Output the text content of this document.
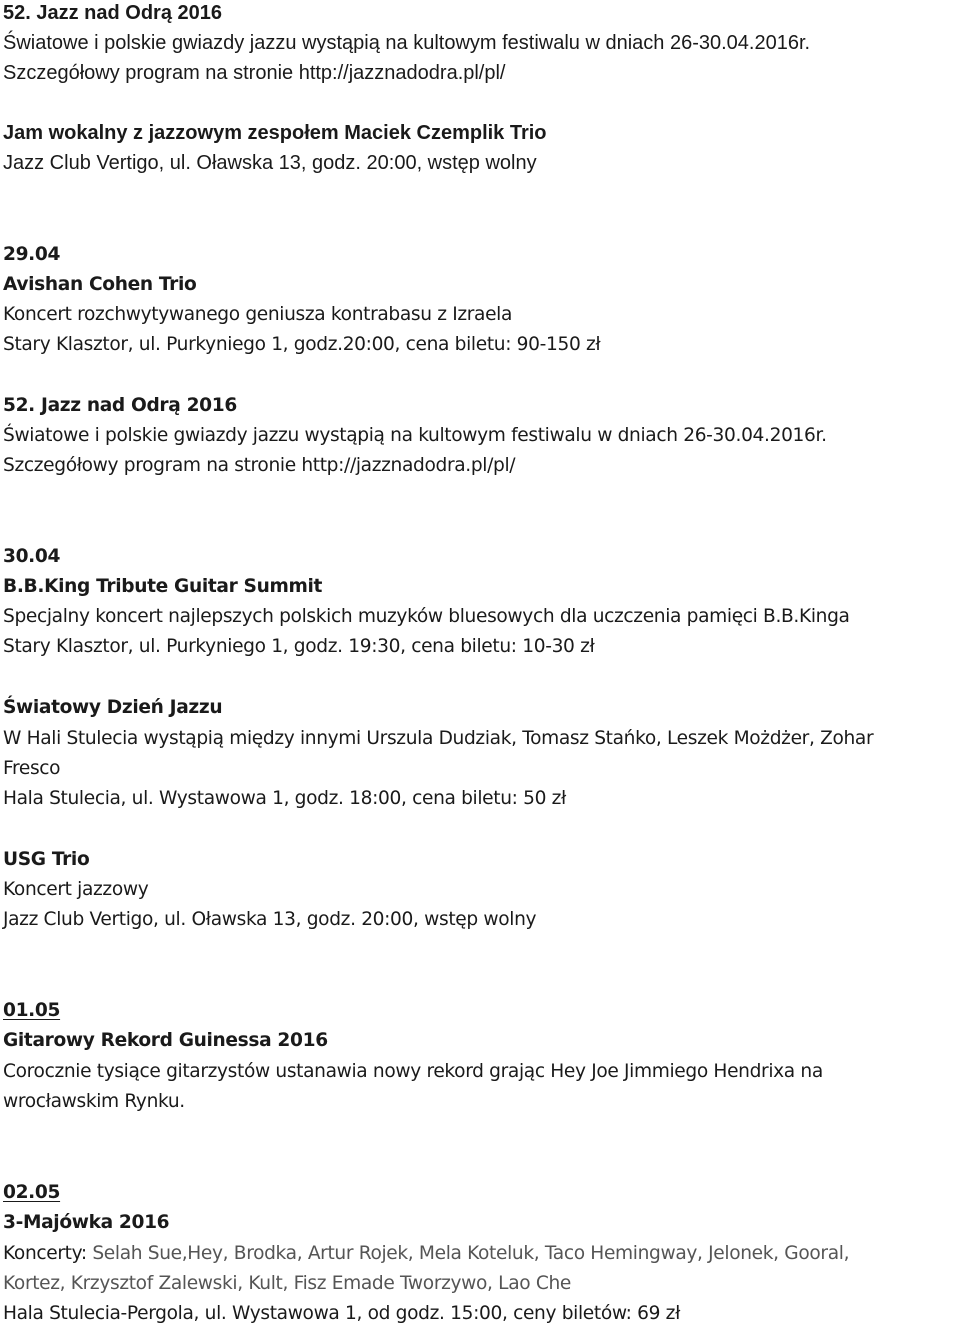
52. Jazz nad Odrą 2016
Światowe i polskie gwiazdy jazzu wystąpią na kultowym festiwalu w dniach 26-30.04.2016r.
Szczegółowy program na stronie http://jazznadodra.pl/pl/
Jam wokalny z jazzowym zespołem Maciek Czemplik Trio
Jazz Club Vertigo, ul. Oławska 13, godz. 20:00, wstęp wolny
29.04
Avishan Cohen Trio
Koncert rozchwytywanego geniusza kontrabasu z Izraela
Stary Klasztor, ul. Purkyniego 1, godz.20:00, cena biletu: 90-150 zł
52. Jazz nad Odrą 2016
Światowe i polskie gwiazdy jazzu wystąpią na kultowym festiwalu w dniach 26-30.04.2016r.
Szczegółowy program na stronie http://jazznadodra.pl/pl/
30.04
B.B.King Tribute Guitar Summit
Specjalny koncert najlepszych polskich muzyków bluesowych dla uczczenia pamięci B.B.Kinga
Stary Klasztor, ul. Purkyniego 1, godz. 19:30, cena biletu: 10-30 zł
Światowy Dzień Jazzu
W Hali Stulecia wystąpią między innymi Urszula Dudziak, Tomasz Stańko, Leszek Możdżer, Zohar
Fresco
Hala Stulecia, ul. Wystawowa 1, godz. 18:00, cena biletu: 50 zł
USG Trio
Koncert jazzowy
Jazz Club Vertigo, ul. Oławska 13, godz. 20:00, wstęp wolny
01.05
Gitarowy Rekord Guinessa 2016
Corocznie tysiące gitarzystów ustanawia nowy rekord grając Hey Joe Jimmiego Hendrixa na
wrocławskim Rynku.
02.05
3-Majówka 2016
Koncerty: Selah Sue,Hey, Brodka, Artur Rojek, Mela Koteluk, Taco Hemingway, Jelonek, Gooral,
Kortez, Krzysztof Zalewski, Kult, Fisz Emade Tworzywo, Lao Che
Hala Stulecia-Pergola, ul. Wystawowa 1, od godz. 15:00, ceny biletów: 69 zł
